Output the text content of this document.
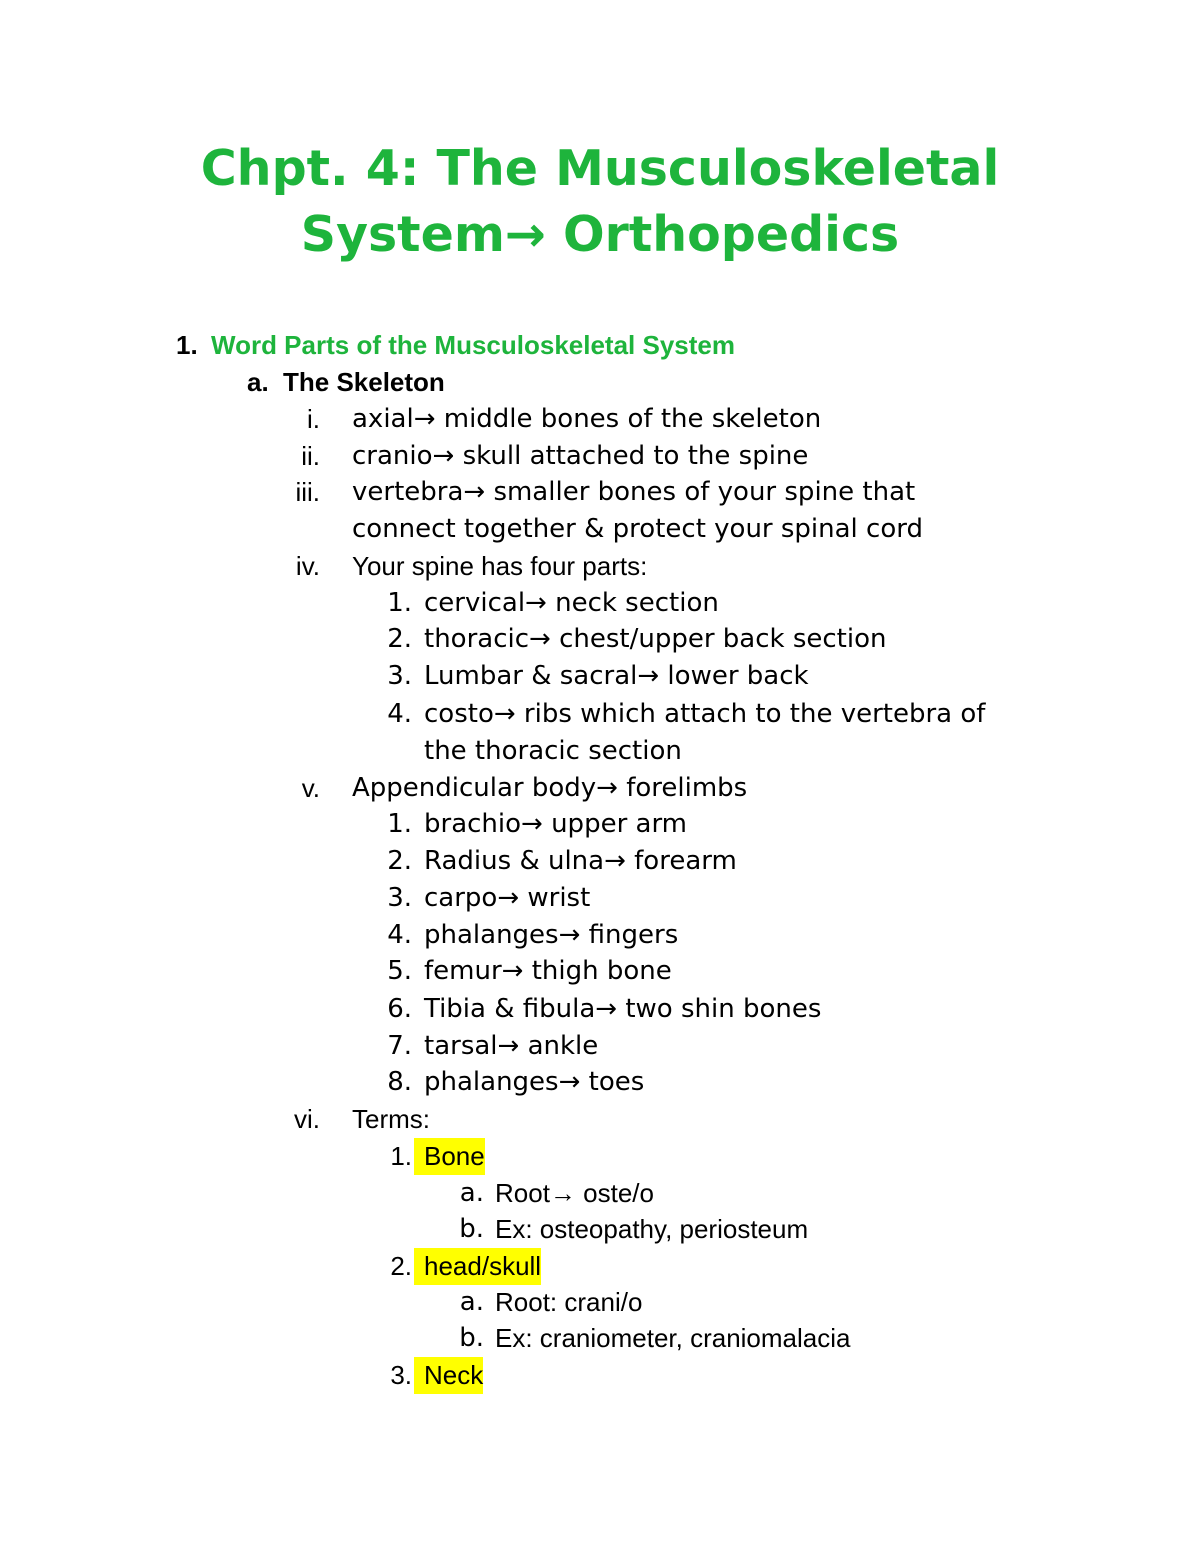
Chpt. 4: The Musculoskeletal
System→ Orthopedics
1. Word Parts of the Musculoskeletal System
a. The Skeleton
i. axial→ middle bones of the skeleton
ii. cranio→ skull attached to the spine
iii. vertebra→ smaller bones of your spine that
connect together & protect your spinal cord
iv. Your spine has four parts:
1. cervical→ neck section
2. thoracic→ chest/upper back section
3. Lumbar & sacral→ lower back
4. costo→ ribs which attach to the vertebra of
the thoracic section
v. Appendicular body→ forelimbs
1. brachio→ upper arm
2. Radius & ulna→ forearm
3. carpo→ wrist
4. phalanges→ fingers
5. femur→ thigh bone
6. Tibia & fibula→ two shin bones
7. tarsal→ ankle
8. phalanges→ toes
vi. Terms:
1. Bone
a. Root→ oste/o
b. Ex: osteopathy, periosteum
2. head/skull
a. Root: crani/o
b. Ex: craniometer, craniomalacia
3. Neck
